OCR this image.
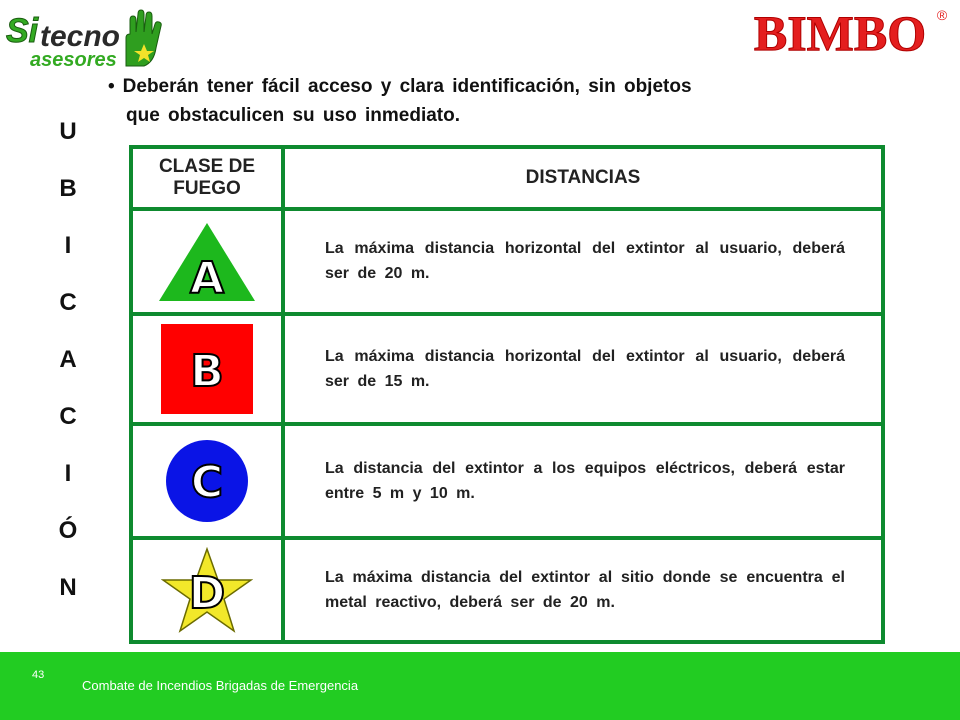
Si tecno
asesores	BIMBO ®
• Deberán tener fácil acceso y clara identificación, sin objetos
que obstaculicen su uso inmediato.
U
B
I
C
A
C
I
Ó
N
CLASE DE
FUEGO	DISTANCIAS

A	La máxima distancia horizontal del extintor al usuario, deberá ser de 20 m.

B	La máxima distancia horizontal del extintor al usuario, deberá ser de 15 m.

C	La distancia del extintor a los equipos eléctricos, deberá estar entre 5 m y 10 m.

D	La máxima distancia del extintor al sitio donde se encuentra el metal reactivo, deberá ser de 20 m.
43
Combate de Incendios Brigadas de Emergencia
